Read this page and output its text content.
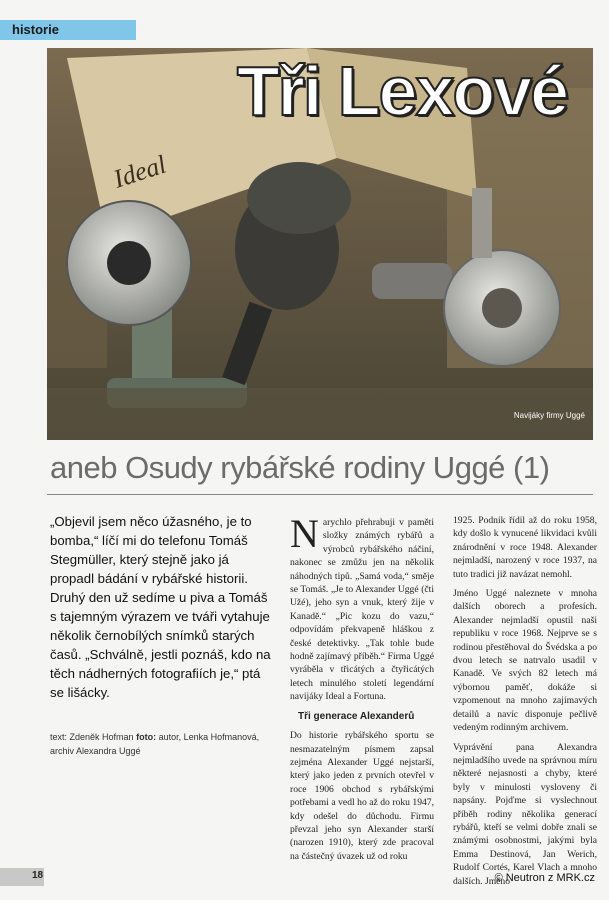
historie
Ideal
Tři Lexové
Navijáky firmy Uggé
aneb Osudy rybářské rodiny Uggé (1)
„Objevil jsem něco úžasného, je to bomba,“ líčí mi do telefonu Tomáš Stegmüller, který stejně jako já propadl bádání v rybářské historii. Druhý den už sedíme u piva a Tomáš s tajemným výrazem ve tváři vytahuje několik černobílých snímků starých časů. „Schválně, jestli poznáš, kdo na těch nádherných fotografiích je,“ ptá se lišácky.
text: Zdeněk Hofman foto: autor, Lenka Hofmanová, archiv Alexandra Uggé

Narychlo přehrabuji v paměti složky známých rybářů a výrobců rybářského náčiní, nakonec se zmůžu jen na několik náhodných tipů. „Samá voda,“ směje se Tomáš. „Je to Alexander Uggé (čti Užé), jeho syn a vnuk, který žije v Kanadě.“ „Pic kozu do vazu,“ odpovídám překvapeně hláškou z české detektivky. „Tak tohle bude hodně zajímavý příběh.“ Firma Uggé vyráběla v třicátých a čtyřicátých letech minulého století legendární navijáky Ideal a Fortuna.

Tři generace Alexanderů

Do historie rybářského sportu se nesmazatelným písmem zapsal zejména Alexander Uggé nejstarší, který jako jeden z prvních otevřel v roce 1906 obchod s rybářskými potřebami a vedl ho až do roku 1947, kdy odešel do důchodu. Firmu převzal jeho syn Alexander starší (narozen 1910), který zde pracoval na částečný úvazek už od roku

1925. Podnik řídil až do roku 1958, kdy došlo k vynucené likvidaci kvůli znárodnění v roce 1948. Alexander nejmladší, narozený v roce 1937, na tuto tradici již navázat nemohl.

Jméno Uggé naleznete v mnoha dalších oborech a profesích. Alexander nejmladší opustil naši republiku v roce 1968. Nejprve se s rodinou přestěhoval do Švédska a po dvou letech se natrvalo usadil v Kanadě. Ve svých 82 letech má výbornou paměť, dokáže si vzpomenout na mnoho zajímavých detailů a navíc disponuje pečlivě vedeným rodinným archivem.

Vyprávění pana Alexandra nejmladšího uvede na správnou míru některé nejasnosti a chyby, které byly v minulosti vysloveny či napsány. Pojďme si vyslechnout příběh rodiny několika generací rybářů, kteří se velmi dobře znali se známými osobnostmi, jakými byla Emma Destinová, Jan Werich, Rudolf Cortés, Karel Vlach a mnoho dalších. Jméno

18	© Neutron z MRK.cz
